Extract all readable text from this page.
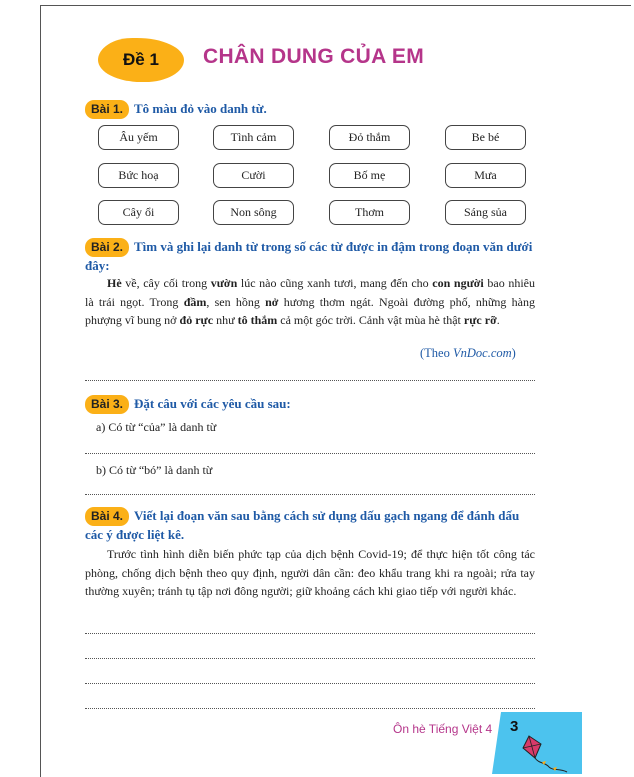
Đề 1 CHÂN DUNG CỦA EM
Bài 1. Tô màu đỏ vào danh từ.
Âu yếm	Tình cảm	Đỏ thắm	Be bé
Bức hoạ	Cười	Bố mẹ	Mưa
Cây ổi	Non sông	Thơm	Sáng sủa
Bài 2. Tìm và ghi lại danh từ trong số các từ được in đậm trong đoạn văn dưới đây:
Hè về, cây cối trong vườn lúc nào cũng xanh tươi, mang đến cho con người bao nhiêu là trái ngọt. Trong đầm, sen hồng nở hương thơm ngát. Ngoài đường phố, những hàng phượng vĩ bung nở đỏ rực như tô thắm cả một góc trời. Cảnh vật mùa hè thật rực rỡ.
(Theo VnDoc.com)
Bài 3. Đặt câu với các yêu cầu sau:
a) Có từ “của” là danh từ
b) Có từ “bó” là danh từ
Bài 4. Viết lại đoạn văn sau bằng cách sử dụng dấu gạch ngang để đánh dấu các ý được liệt kê.
Trước tình hình diễn biến phức tạp của dịch bệnh Covid-19; để thực hiện tốt công tác phòng, chống dịch bệnh theo quy định, người dân cần: đeo khẩu trang khi ra ngoài; rửa tay thường xuyên; tránh tụ tập nơi đông người; giữ khoảng cách khi giao tiếp với người khác.
Ôn hè Tiếng Việt 4 3
